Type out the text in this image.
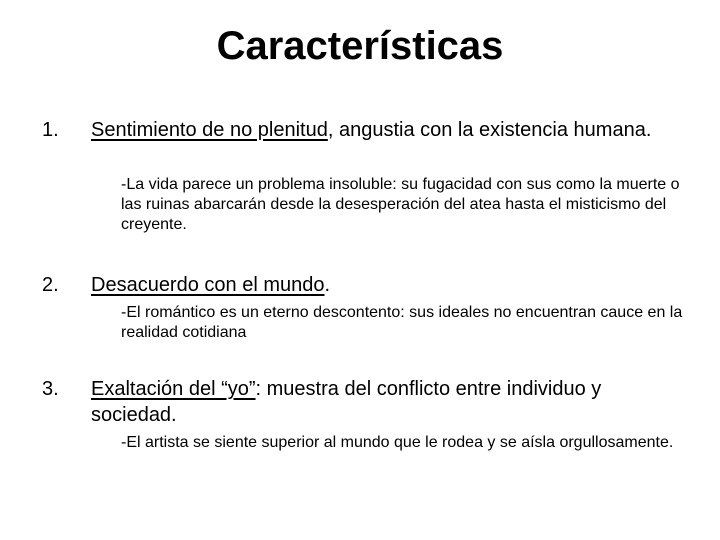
Características
1. Sentimiento de no plenitud, angustia con la existencia humana.
-La vida parece un problema insoluble: su fugacidad con sus como la muerte o las ruinas abarcarán desde la desesperación del atea hasta el misticismo del creyente.
2. Desacuerdo con el mundo.
-El romántico es un eterno descontento: sus ideales no encuentran cauce en la realidad cotidiana
3. Exaltación del “yo”: muestra del conflicto entre individuo y sociedad.
-El artista se siente superior al mundo que le rodea y se aísla orgullosamente.
